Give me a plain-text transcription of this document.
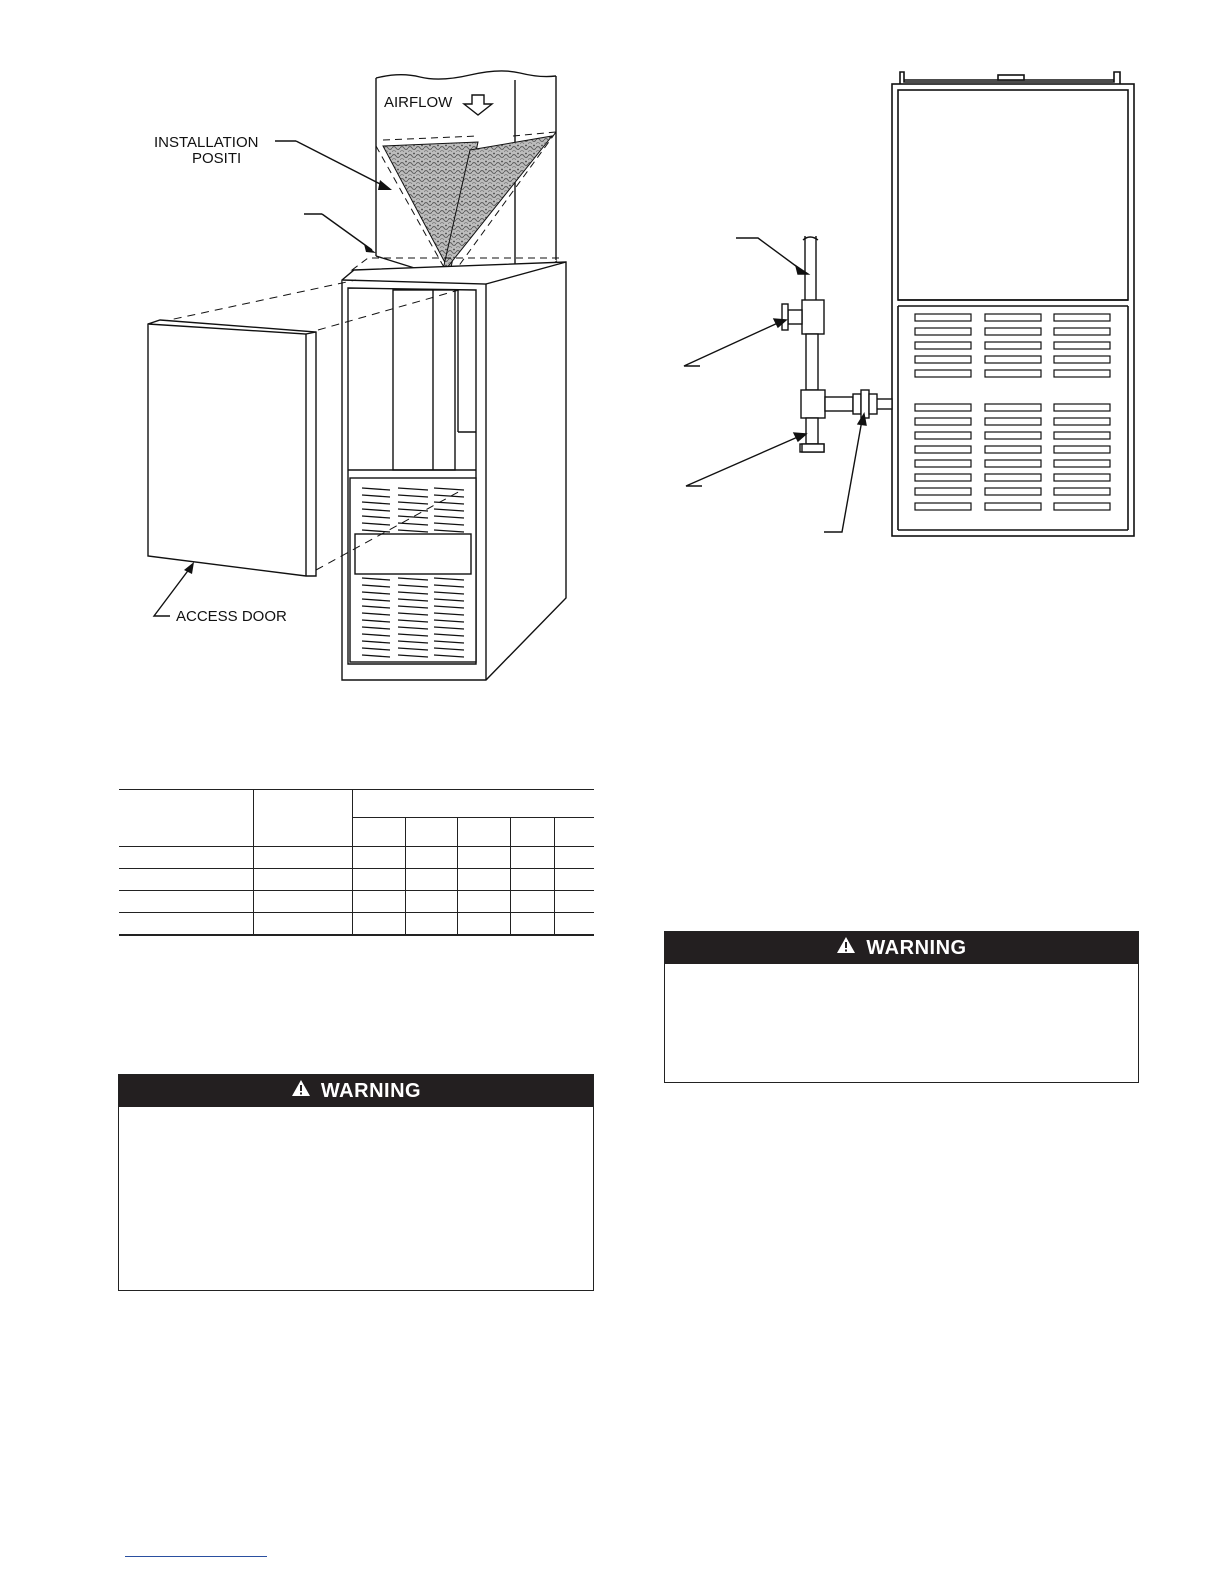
AIRFLOW
INSTALLATION
POSITI
ACCESS DOOR

WARNING
WARNING
